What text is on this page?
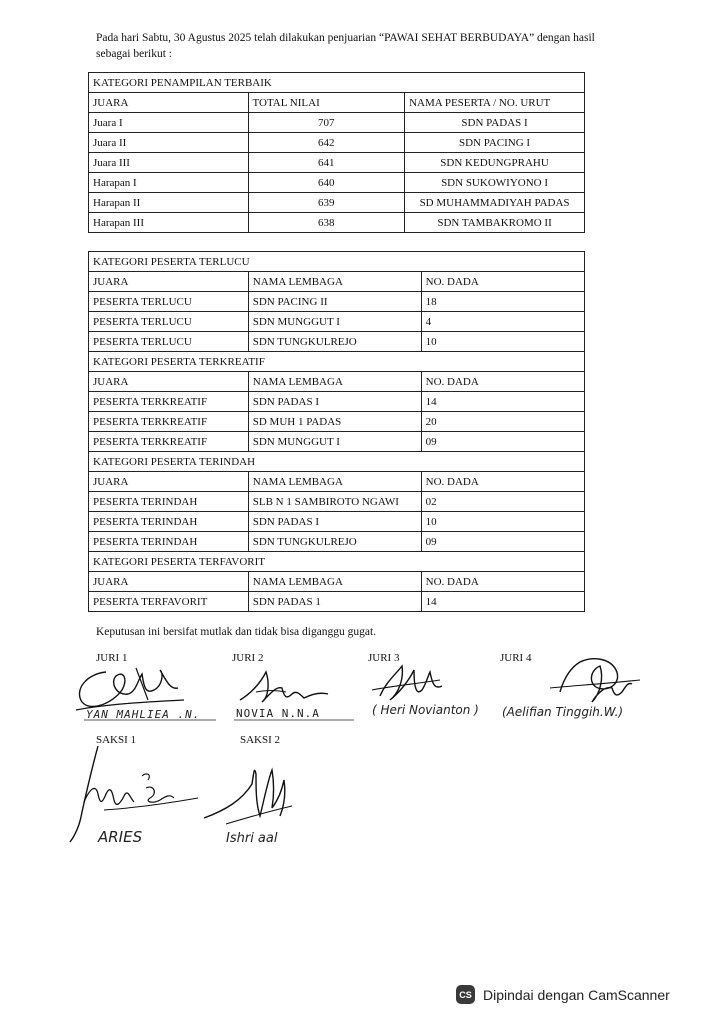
Pada hari Sabtu, 30 Agustus 2025 telah dilakukan penjuarian “PAWAI SEHAT BERBUDAYA” dengan hasil sebagai berikut :
KATEGORI PENAMPILAN TERBAIK		
JUARA	TOTAL NILAI	NAMA PESERTA / NO. URUT
Juara I	707	SDN PADAS I
Juara II	642	SDN PACING I
Juara III	641	SDN KEDUNGPRAHU
Harapan I	640	SDN SUKOWIYONO I
Harapan II	639	SD MUHAMMADIYAH PADAS
Harapan III	638	SDN TAMBAKROMO II
KATEGORI PESERTA TERLUCU		
JUARA	NAMA LEMBAGA	NO. DADA
PESERTA TERLUCU	SDN PACING II	18
PESERTA TERLUCU	SDN MUNGGUT I	4
PESERTA TERLUCU	SDN TUNGKULREJO	10
KATEGORI PESERTA TERKREATIF		
JUARA	NAMA LEMBAGA	NO. DADA
PESERTA TERKREATIF	SDN PADAS I	14
PESERTA TERKREATIF	SD MUH 1 PADAS	20
PESERTA TERKREATIF	SDN MUNGGUT I	09
KATEGORI PESERTA TERINDAH		
JUARA	NAMA LEMBAGA	NO. DADA
PESERTA TERINDAH	SLB N 1 SAMBIROTO NGAWI	02
PESERTA TERINDAH	SDN PADAS I	10
PESERTA TERINDAH	SDN TUNGKULREJO	09
KATEGORI PESERTA TERFAVORIT		
JUARA	NAMA LEMBAGA	NO. DADA
PESERTA TERFAVORIT	SDN PADAS 1	14
Keputusan ini bersifat mutlak dan tidak bisa diganggu gugat.
JURI 1	JURI 2	JURI 3	JURI 4
SAKSI 1	SAKSI 2
YAN MAHLIEA .N.	NOVIA N.N.A	( Heri Novianton ) (Aelifian Tinggih.W.)
ARIES	Ishri aal
CS Dipindai dengan CamScanner
